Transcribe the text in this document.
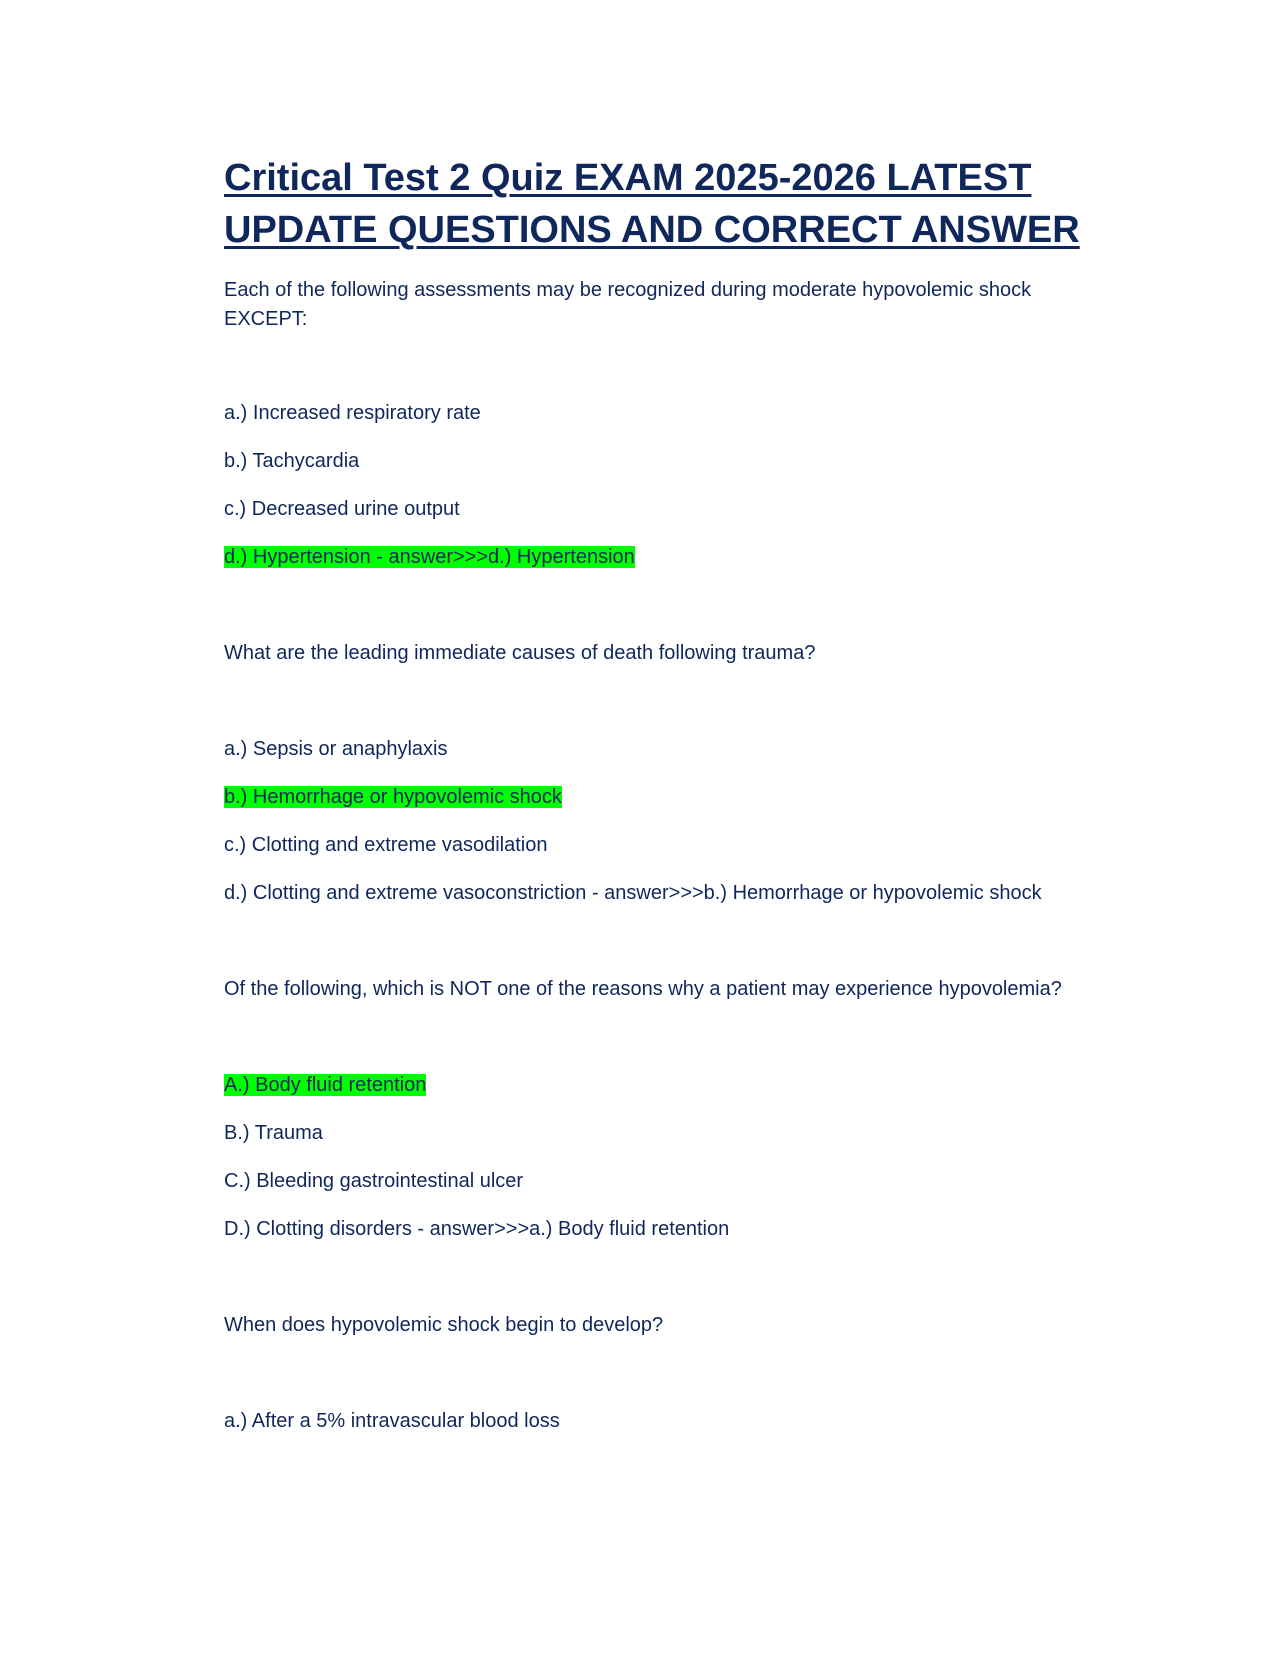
Critical Test 2 Quiz EXAM 2025-2026 LATEST
UPDATE QUESTIONS AND CORRECT ANSWER

Each of the following assessments may be recognized during moderate hypovolemic shock EXCEPT:

a.) Increased respiratory rate

b.) Tachycardia

c.) Decreased urine output

d.) Hypertension - answer>>>d.) Hypertension

What are the leading immediate causes of death following trauma?

a.) Sepsis or anaphylaxis

b.) Hemorrhage or hypovolemic shock

c.) Clotting and extreme vasodilation

d.) Clotting and extreme vasoconstriction - answer>>>b.) Hemorrhage or hypovolemic shock

Of the following, which is NOT one of the reasons why a patient may experience hypovolemia?

A.) Body fluid retention

B.) Trauma

C.) Bleeding gastrointestinal ulcer

D.) Clotting disorders - answer>>>a.) Body fluid retention

When does hypovolemic shock begin to develop?

a.) After a 5% intravascular blood loss
